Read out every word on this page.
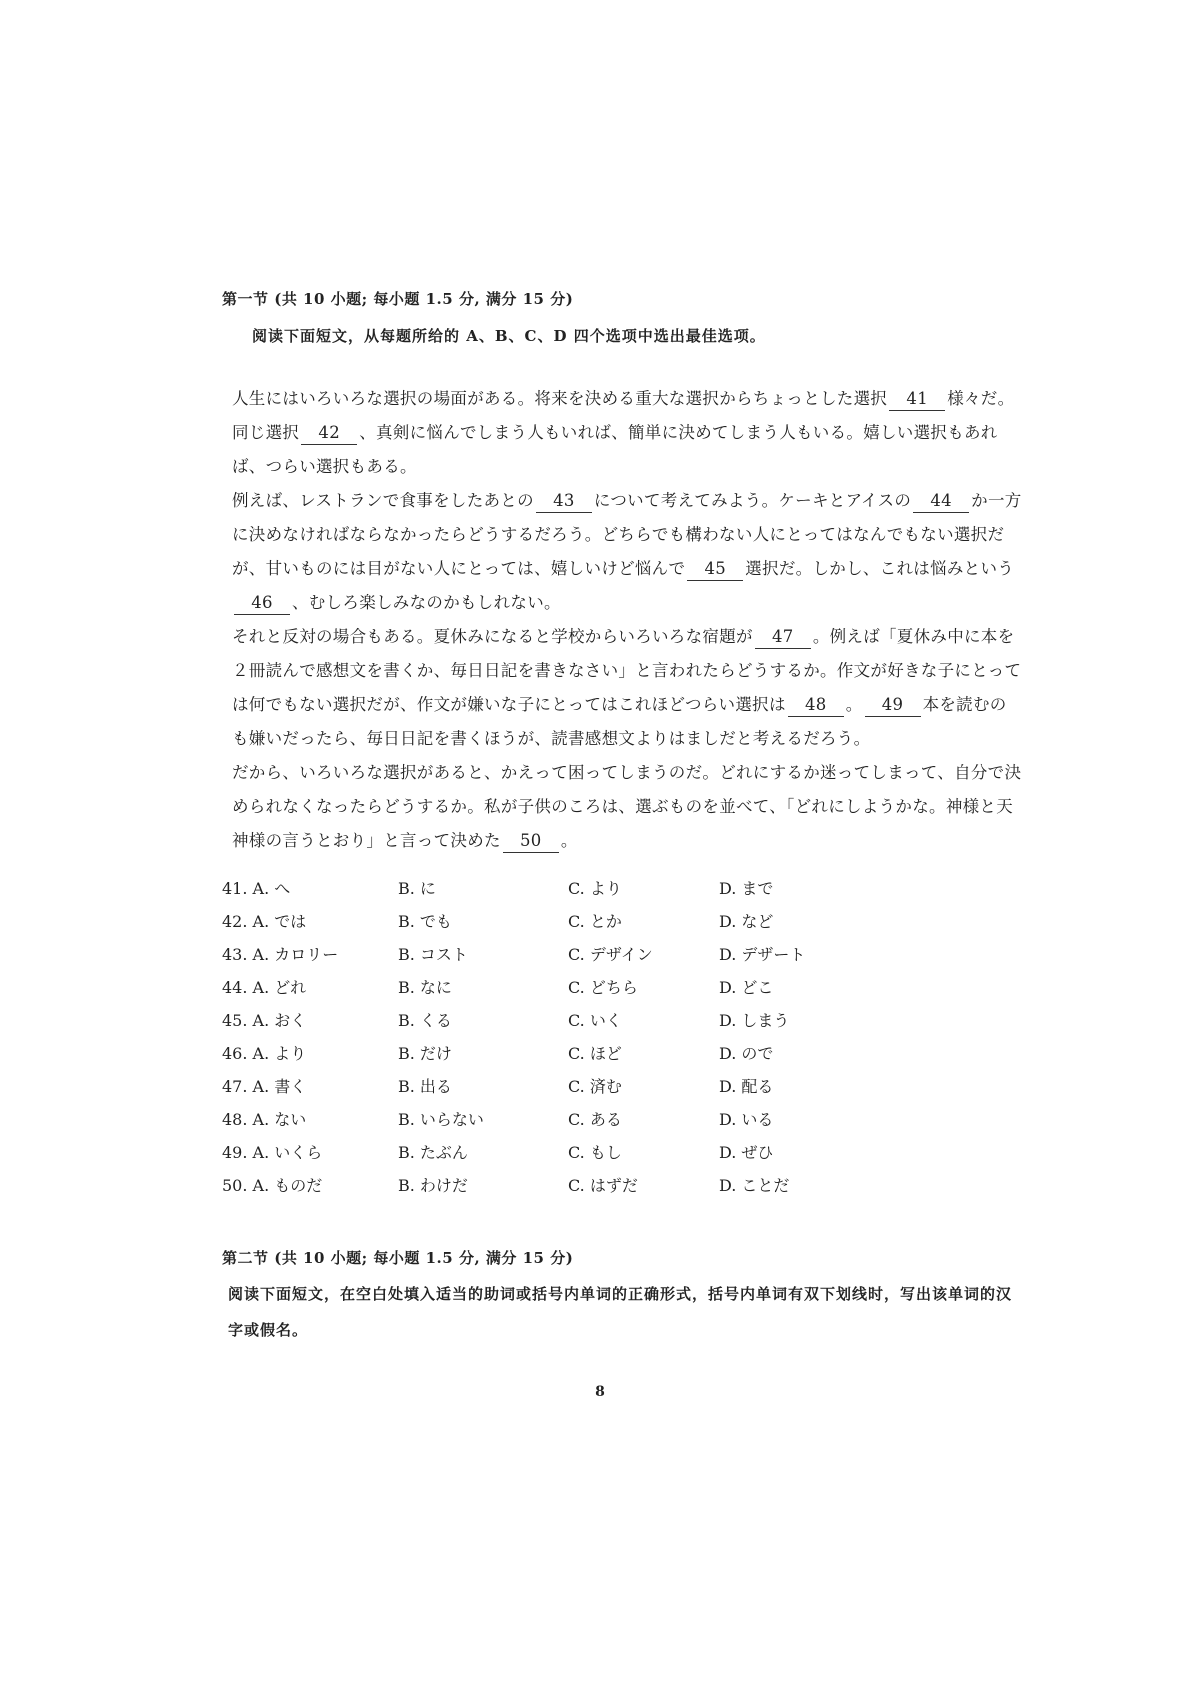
第一节 (共 10 小题; 每小题 1.5 分, 满分 15 分)
阅读下面短文，从每题所给的 A、B、C、D 四个选项中选出最佳选项。

人生にはいろいろな選択の場面がある。将来を決める重大な選択からちょっとした選択 41 様々だ。同じ選択 42 、真剣に悩んでしまう人もいれば、簡単に決めてしまう人もいる。嬉しい選択もあれば、つらい選択もある。

例えば、レストランで食事をしたあとの 43 について考えてみよう。ケーキとアイスの 44 か一方に決めなければならなかったらどうするだろう。どちらでも構わない人にとってはなんでもない選択だが、甘いものには目がない人にとっては、嬉しいけど悩んで 45 選択だ。しかし、これは悩みという46 、むしろ楽しみなのかもしれない。

それと反対の場合もある。夏休みになると学校からいろいろな宿題が 47 。例えば「夏休み中に本を２冊読んで感想文を書くか、毎日日記を書きなさい」と言われたらどうするか。作文が好きな子にとっては何でもない選択だが、作文が嫌いな子にとってはこれほどつらい選択は 48 。 49 本を読むのも嫌いだったら、毎日日記を書くほうが、読書感想文よりはましだと考えるだろう。

だから、いろいろな選択があると、かえって困ってしまうのだ。どれにするか迷ってしまって、自分で決められなくなったらどうするか。私が子供のころは、選ぶものを並べて、「どれにしようかな。神様と天神様の言うとおり」と言って決めた 50 。

41. A. へ	B. に	C. より	D. まで
42. A. では	B. でも	C. とか	D. など
43. A. カロリー	B. コスト	C. デザイン	D. デザート
44. A. どれ	B. なに	C. どちら	D. どこ
45. A. おく	B. くる	C. いく	D. しまう
46. A. より	B. だけ	C. ほど	D. ので
47. A. 書く	B. 出る	C. 済む	D. 配る
48. A. ない	B. いらない	C. ある	D. いる
49. A. いくら	B. たぶん	C. もし	D. ぜひ
50. A. ものだ	B. わけだ	C. はずだ	D. ことだ
第二节 (共 10 小题; 每小题 1.5 分, 满分 15 分)
阅读下面短文，在空白处填入适当的助词或括号内单词的正确形式，括号内单词有双下划线时，写出该单词的汉字或假名。
8
